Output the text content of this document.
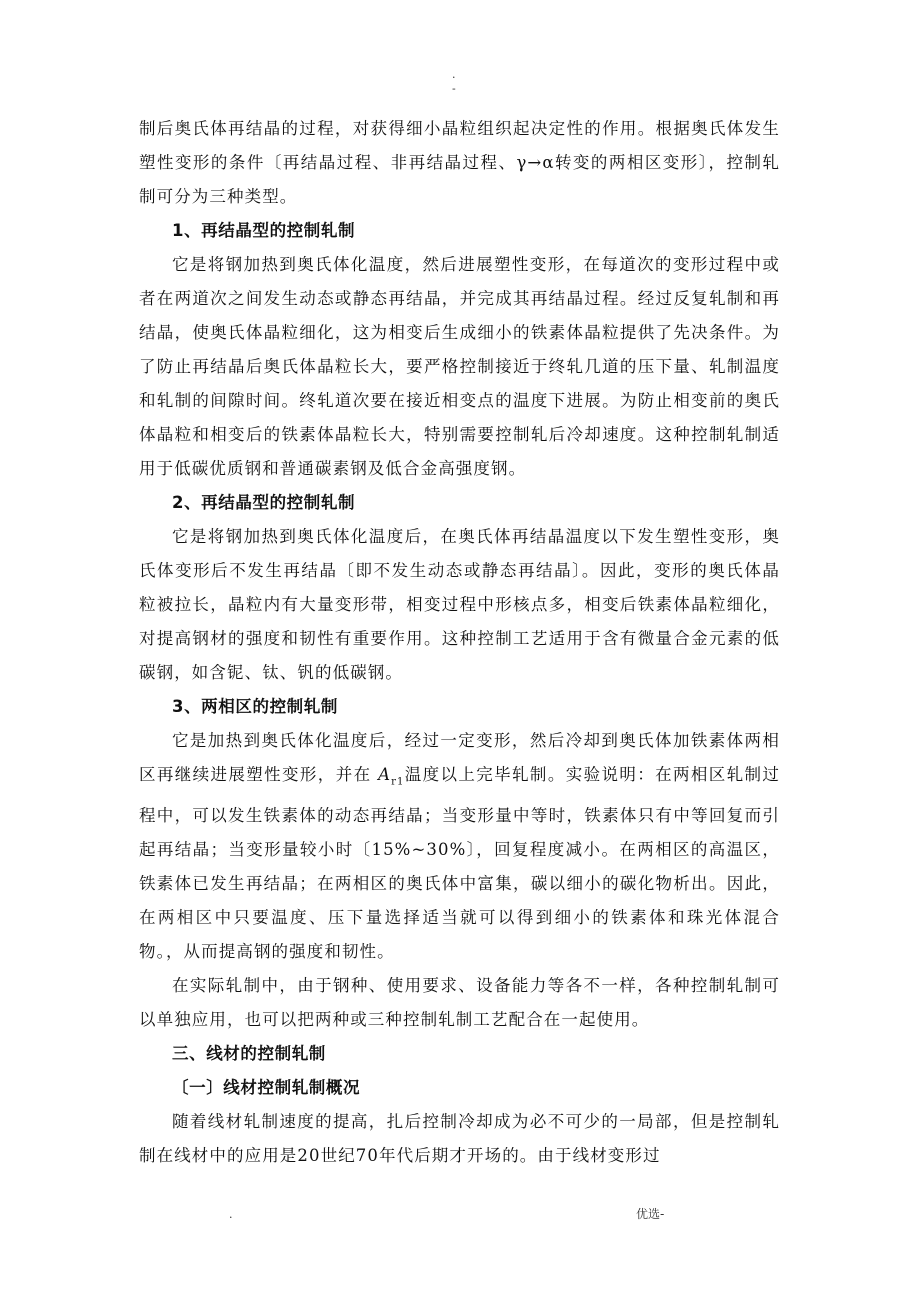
.
-

制后奥氏体再结晶的过程，对获得细小晶粒组织起决定性的作用。根据奥氏体发生塑性变形的条件〔再结晶过程、非再结晶过程、γ→α转变的两相区变形〕，控制轧制可分为三种类型。

1、再结晶型的控制轧制

它是将钢加热到奥氏体化温度，然后进展塑性变形，在每道次的变形过程中或者在两道次之间发生动态或静态再结晶，并完成其再结晶过程。经过反复轧制和再结晶，使奥氏体晶粒细化，这为相变后生成细小的铁素体晶粒提供了先决条件。为了防止再结晶后奥氏体晶粒长大，要严格控制接近于终轧几道的压下量、轧制温度和轧制的间隙时间。终轧道次要在接近相变点的温度下进展。为防止相变前的奥氏体晶粒和相变后的铁素体晶粒长大，特别需要控制轧后冷却速度。这种控制轧制适用于低碳优质钢和普通碳素钢及低合金高强度钢。

2、再结晶型的控制轧制

它是将钢加热到奥氏体化温度后，在奥氏体再结晶温度以下发生塑性变形，奥氏体变形后不发生再结晶〔即不发生动态或静态再结晶〕。因此，变形的奥氏体晶粒被拉长，晶粒内有大量变形带，相变过程中形核点多，相变后铁素体晶粒细化，对提高钢材的强度和韧性有重要作用。这种控制工艺适用于含有微量合金元素的低碳钢，如含铌、钛、钒的低碳钢。

3、两相区的控制轧制

它是加热到奥氏体化温度后，经过一定变形，然后冷却到奥氏体加铁素体两相区再继续进展塑性变形，并在 $A_{r1}$温度以上完毕轧制。实验说明：在两相区轧制过程中，可以发生铁素体的动态再结晶；当变形量中等时，铁素体只有中等回复而引起再结晶；当变形量较小时〔15%~30%〕，回复程度减小。在两相区的高温区，铁素体已发生再结晶；在两相区的奥氏体中富集，碳以细小的碳化物析出。因此，在两相区中只要温度、压下量选择适当就可以得到细小的铁素体和珠光体混合物。，从而提高钢的强度和韧性。

在实际轧制中，由于钢种、使用要求、设备能力等各不一样，各种控制轧制可以单独应用，也可以把两种或三种控制轧制工艺配合在一起使用。

三、线材的控制轧制

〔一〕线材控制轧制概况

随着线材轧制速度的提高，扎后控制冷却成为必不可少的一局部，但是控制轧制在线材中的应用是20世纪70年代后期才开场的。由于线材变形过

.	优选-
